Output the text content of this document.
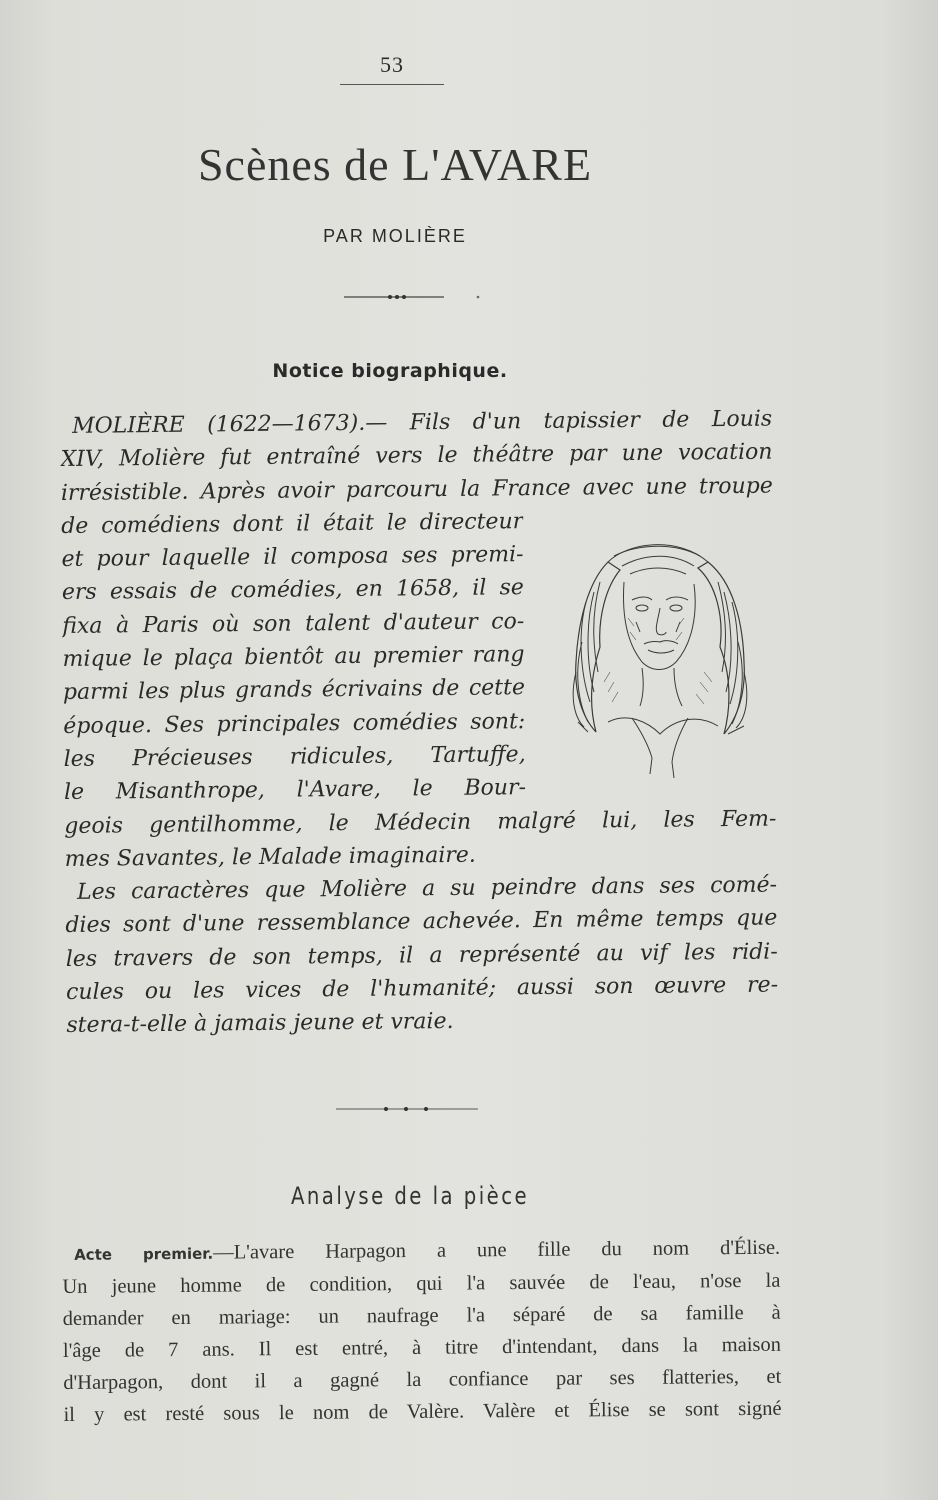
53
Scènes de L'AVARE
PAR MOLIÈRE
Notice biographique.
MOLIÈRE (1622—1673).— Fils d'un tapissier de Louis
XIV, Molière fut entraîné vers le théâtre par une vocation
irrésistible. Après avoir parcouru la France avec une troupe
de comédiens dont il était le directeur
et pour laquelle il composa ses premi-
ers essais de comédies, en 1658, il se
fixa à Paris où son talent d'auteur co-
mique le plaça bientôt au premier rang
parmi les plus grands écrivains de cette
époque. Ses principales comédies sont:
les Précieuses ridicules, Tartuffe,
le Misanthrope, l'Avare, le Bour-
geois gentilhomme, le Médecin malgré lui, les Fem-
mes Savantes, le Malade imaginaire.
Les caractères que Molière a su peindre dans ses comé-
dies sont d'une ressemblance achevée. En même temps que
les travers de son temps, il a représenté au vif les ridi-
cules ou les vices de l'humanité; aussi son œuvre re-
stera-t-elle à jamais jeune et vraie.
Analyse de la pièce
Acte premier.—L'avare Harpagon a une fille du nom d'Élise.
Un jeune homme de condition, qui l'a sauvée de l'eau, n'ose la
demander en mariage: un naufrage l'a séparé de sa famille à
l'âge de 7 ans. Il est entré, à titre d'intendant, dans la maison
d'Harpagon, dont il a gagné la confiance par ses flatteries, et
il y est resté sous le nom de Valère. Valère et Élise se sont signé
